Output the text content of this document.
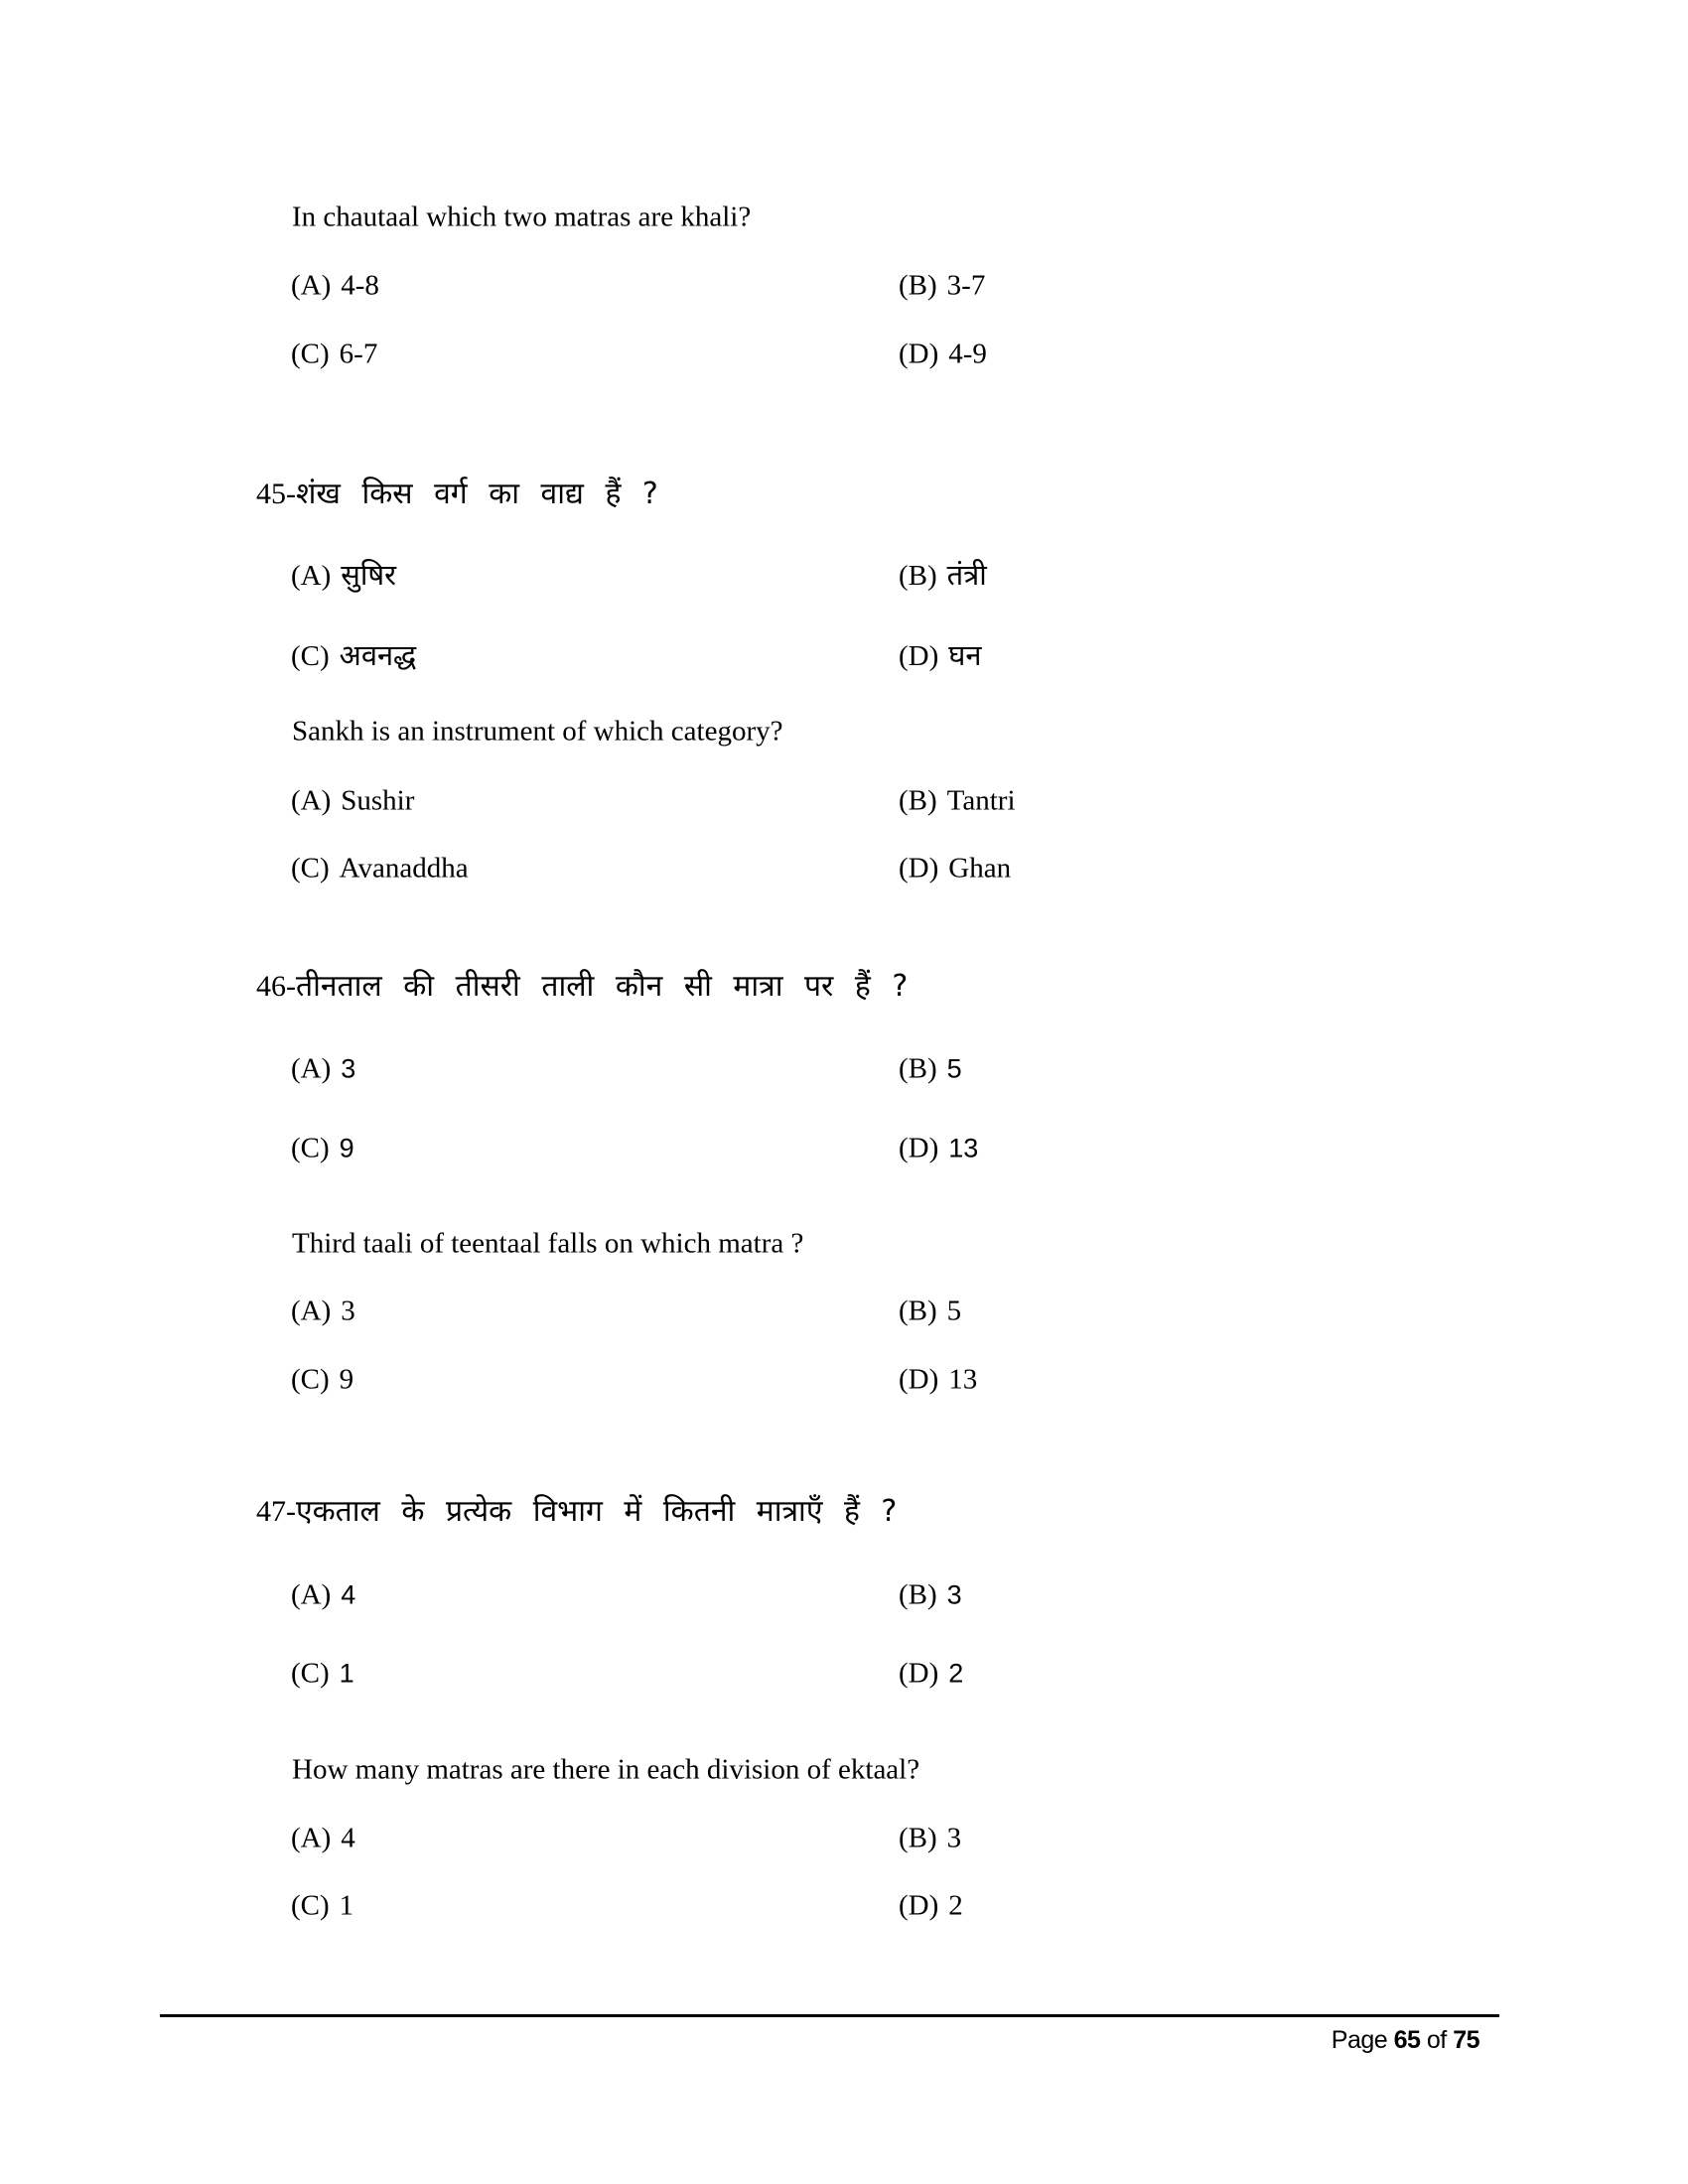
In chautaal which two matras are khali?
(A) 4-8	(B) 3-7
(C) 6-7	(D) 4-9
45-शंख किस वर्ग का वाद्य हैं ?
(A) सुषिर	(B) तंत्री
(C) अवनद्ध	(D) घन
Sankh is an instrument of which category?
(A) Sushir	(B) Tantri
(C) Avanaddha	(D) Ghan
46-तीनताल की तीसरी ताली कौन सी मात्रा पर हैं ?
(A) 3	(B) 5
(C) 9	(D) 13
Third taali of teentaal falls on which matra ?
(A) 3	(B) 5
(C) 9	(D) 13
47-एकताल के प्रत्येक विभाग में कितनी मात्राएँ हैं ?
(A) 4	(B) 3
(C) 1	(D) 2
How many matras are there in each division of ektaal?
(A) 4	(B) 3
(C) 1	(D) 2
Page 65 of 75
